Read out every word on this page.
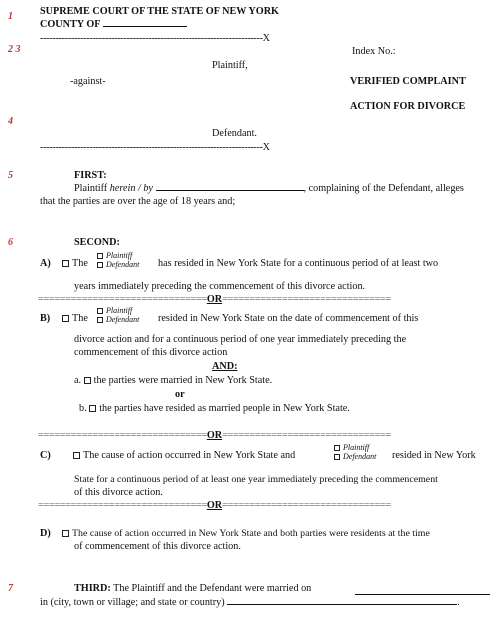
1
2 3
4
5
6
7
SUPREME COURT OF THE STATE OF NEW YORK
COUNTY OF
------------------------------------------------------------------------X
Index No.:
Plaintiff,
-against-	VERIFIED COMPLAINT
ACTION FOR DIVORCE
Defendant.
------------------------------------------------------------------------X
FIRST:
Plaintiff herein / by	, complaining of the Defendant, alleges
that the parties are over the age of 18 years and;
SECOND:
A)	The
Plaintiff
Defendant has resided in New York State for a continuous period of at least two
years immediately preceding the commencement of this divorce action.
===============================OR===============================
B)	The
Plaintiff
Defendant resided in New York State on the date of commencement of this
divorce action and for a continuous period of one year immediately preceding the
commencement of this divorce action
AND:
a. the parties were married in New York State.
or
b. the parties have resided as married people in New York State.
===============================OR===============================
C)	The cause of action occurred in New York State and
Plaintiff
Defendant resided in New York
State for a continuous period of at least one year immediately preceding the commencement
of this divorce action.
===============================OR===============================
D)	The cause of action occurred in New York State and both parties were residents at the time
of commencement of this divorce action.
THIRD: The Plaintiff and the Defendant were married on
in (city, town or village; and state or country)	.
